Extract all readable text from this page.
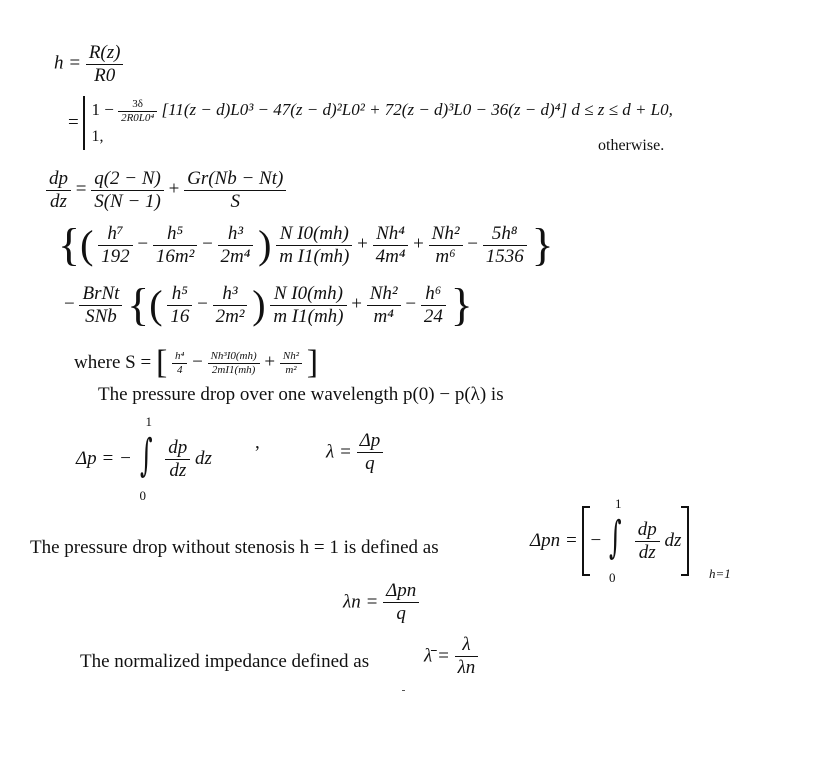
$h = \frac{R(z)}{R0}$
=
$1 - \frac{3\delta}{\text{2R0L0⁴}} [11(z - d)L0^3 - 47(z - d)^2L0^2 + 72(z - d)^3L0 - 36(z - d)^4] d \le z \le d + L0$,
1,
otherwise.
$\frac{dp}{dz} = \frac{q(2 - N)}{S(N - 1)} + \frac{Gr(Nb - Nt)}{S}$
{( $\frac{\text{h⁷}}{192} - \frac{\text{h⁵}}{\text{16m²}} - \frac{\text{h³}}{\text{2m⁴}}$ ) $\frac{\text{N I0(mh)}}{\text{m I1(mh)}} + \frac{\text{Nh⁴}}{\text{4m⁴}} + \frac{\text{Nh²}}{\text{m⁶}} - \frac{\text{5h⁸}}{1536}$ }
− $\frac{\text{BrNt}}{\text{SNb}}$ {( $\frac{\text{h⁵}}{16} - \frac{\text{h³}}{\text{2m²}}$ ) $\frac{\text{N I0(mh)}}{\text{m I1(mh)}} + \frac{\text{Nh²}}{\text{m⁴}} - \frac{\text{h⁶}}{24}$ }
where S = [ $\frac{\text{h⁴}}{4} - \frac{\text{Nh³I0(mh)}}{2mI1(mh)} + \frac{\text{Nh²}}{\text{m²}}$ ]
The pressure drop over one wavelength p(0) − p(λ) is
Δp = −
1
∫
0

$\frac{dp}{dz}$ dz
,	$\lambda = \frac{\Delta p}{q}$
The pressure drop without stenosis h = 1 is defined as	Δpn = −
1
∫
0

$\frac{dp}{dz}$ dz
h=1
$\lambda n = \frac{\text{Δpn}}{q}$
The normalized impedance defined as	λ̄ = $\frac{\lambda}{\lambda n}$
